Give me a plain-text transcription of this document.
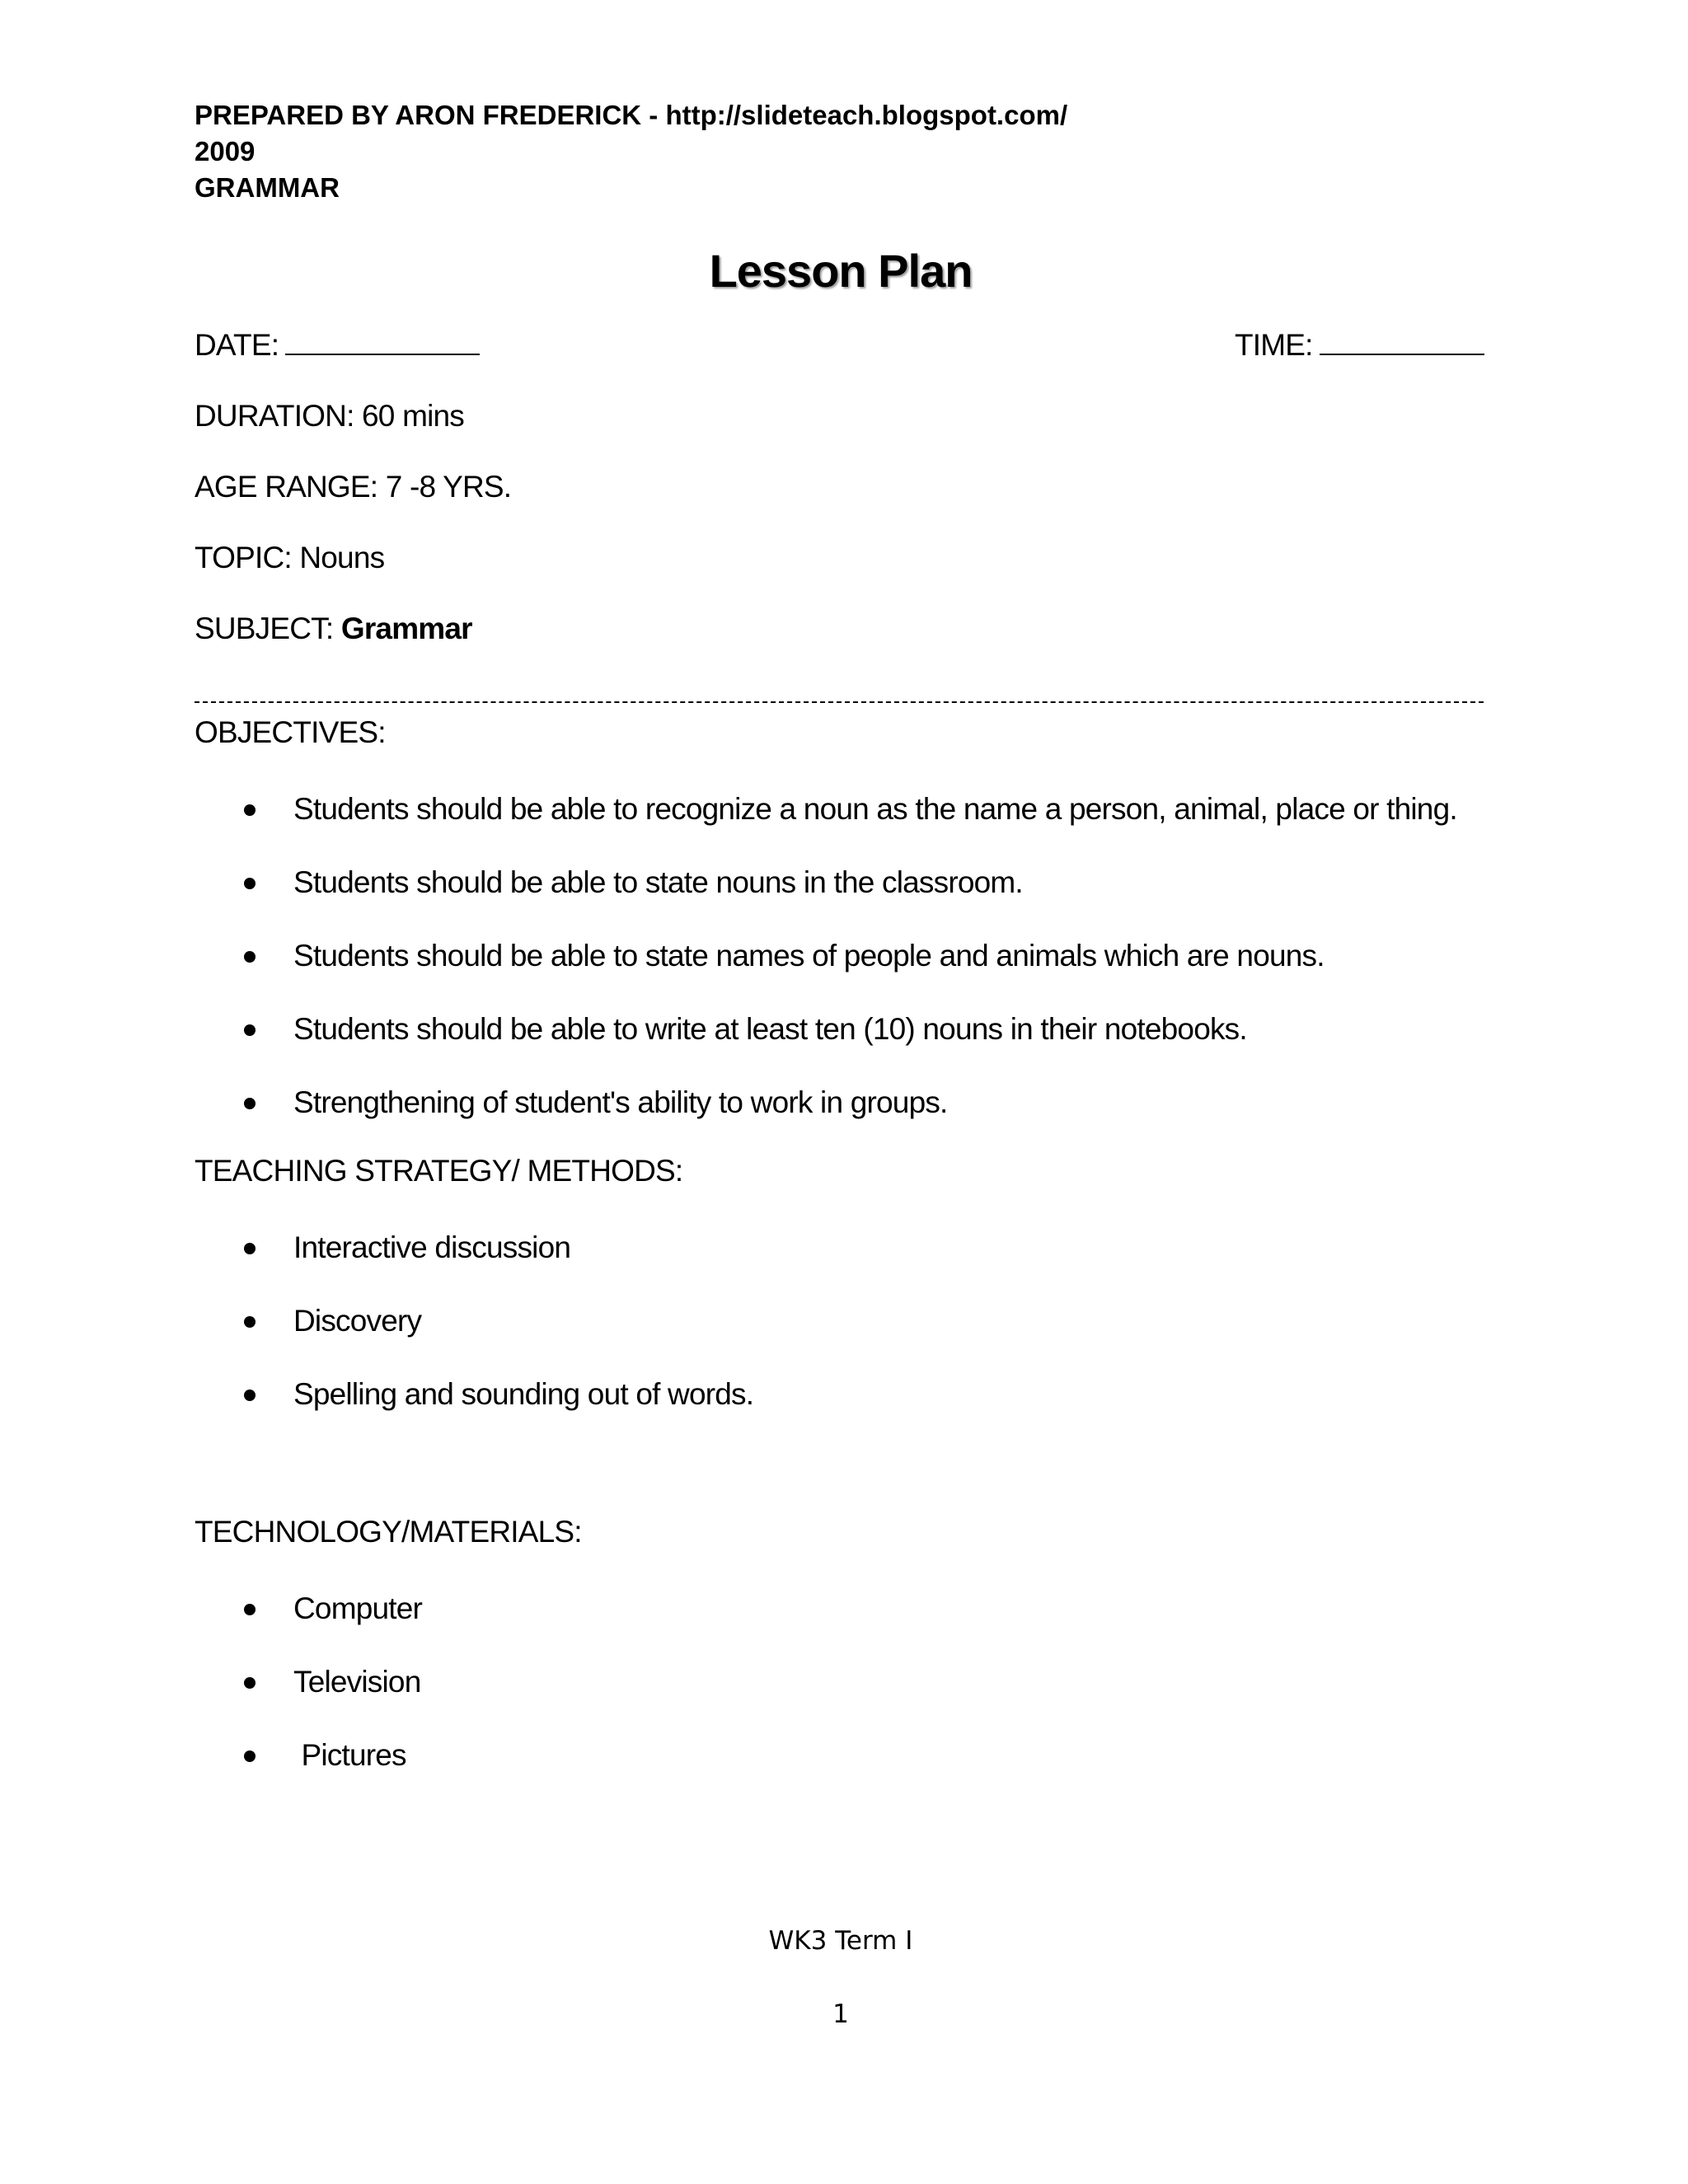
PREPARED BY ARON FREDERICK - http://slideteach.blogspot.com/
2009
GRAMMAR
Lesson Plan
DATE:	TIME:
DURATION: 60 mins
AGE RANGE: 7 -8 YRS.
TOPIC: Nouns
SUBJECT: Grammar
OBJECTIVES:
Students should be able to recognize a noun as the name a person, animal, place or thing.
Students should be able to state nouns in the classroom.
Students should be able to state names of people and animals which are nouns.
Students should be able to write at least ten (10) nouns in their notebooks.
Strengthening of student's ability to work in groups.
TEACHING STRATEGY/ METHODS:
Interactive discussion
Discovery
Spelling and sounding out of words.
TECHNOLOGY/MATERIALS:
Computer
Television
Pictures
WK3 Term I
1
